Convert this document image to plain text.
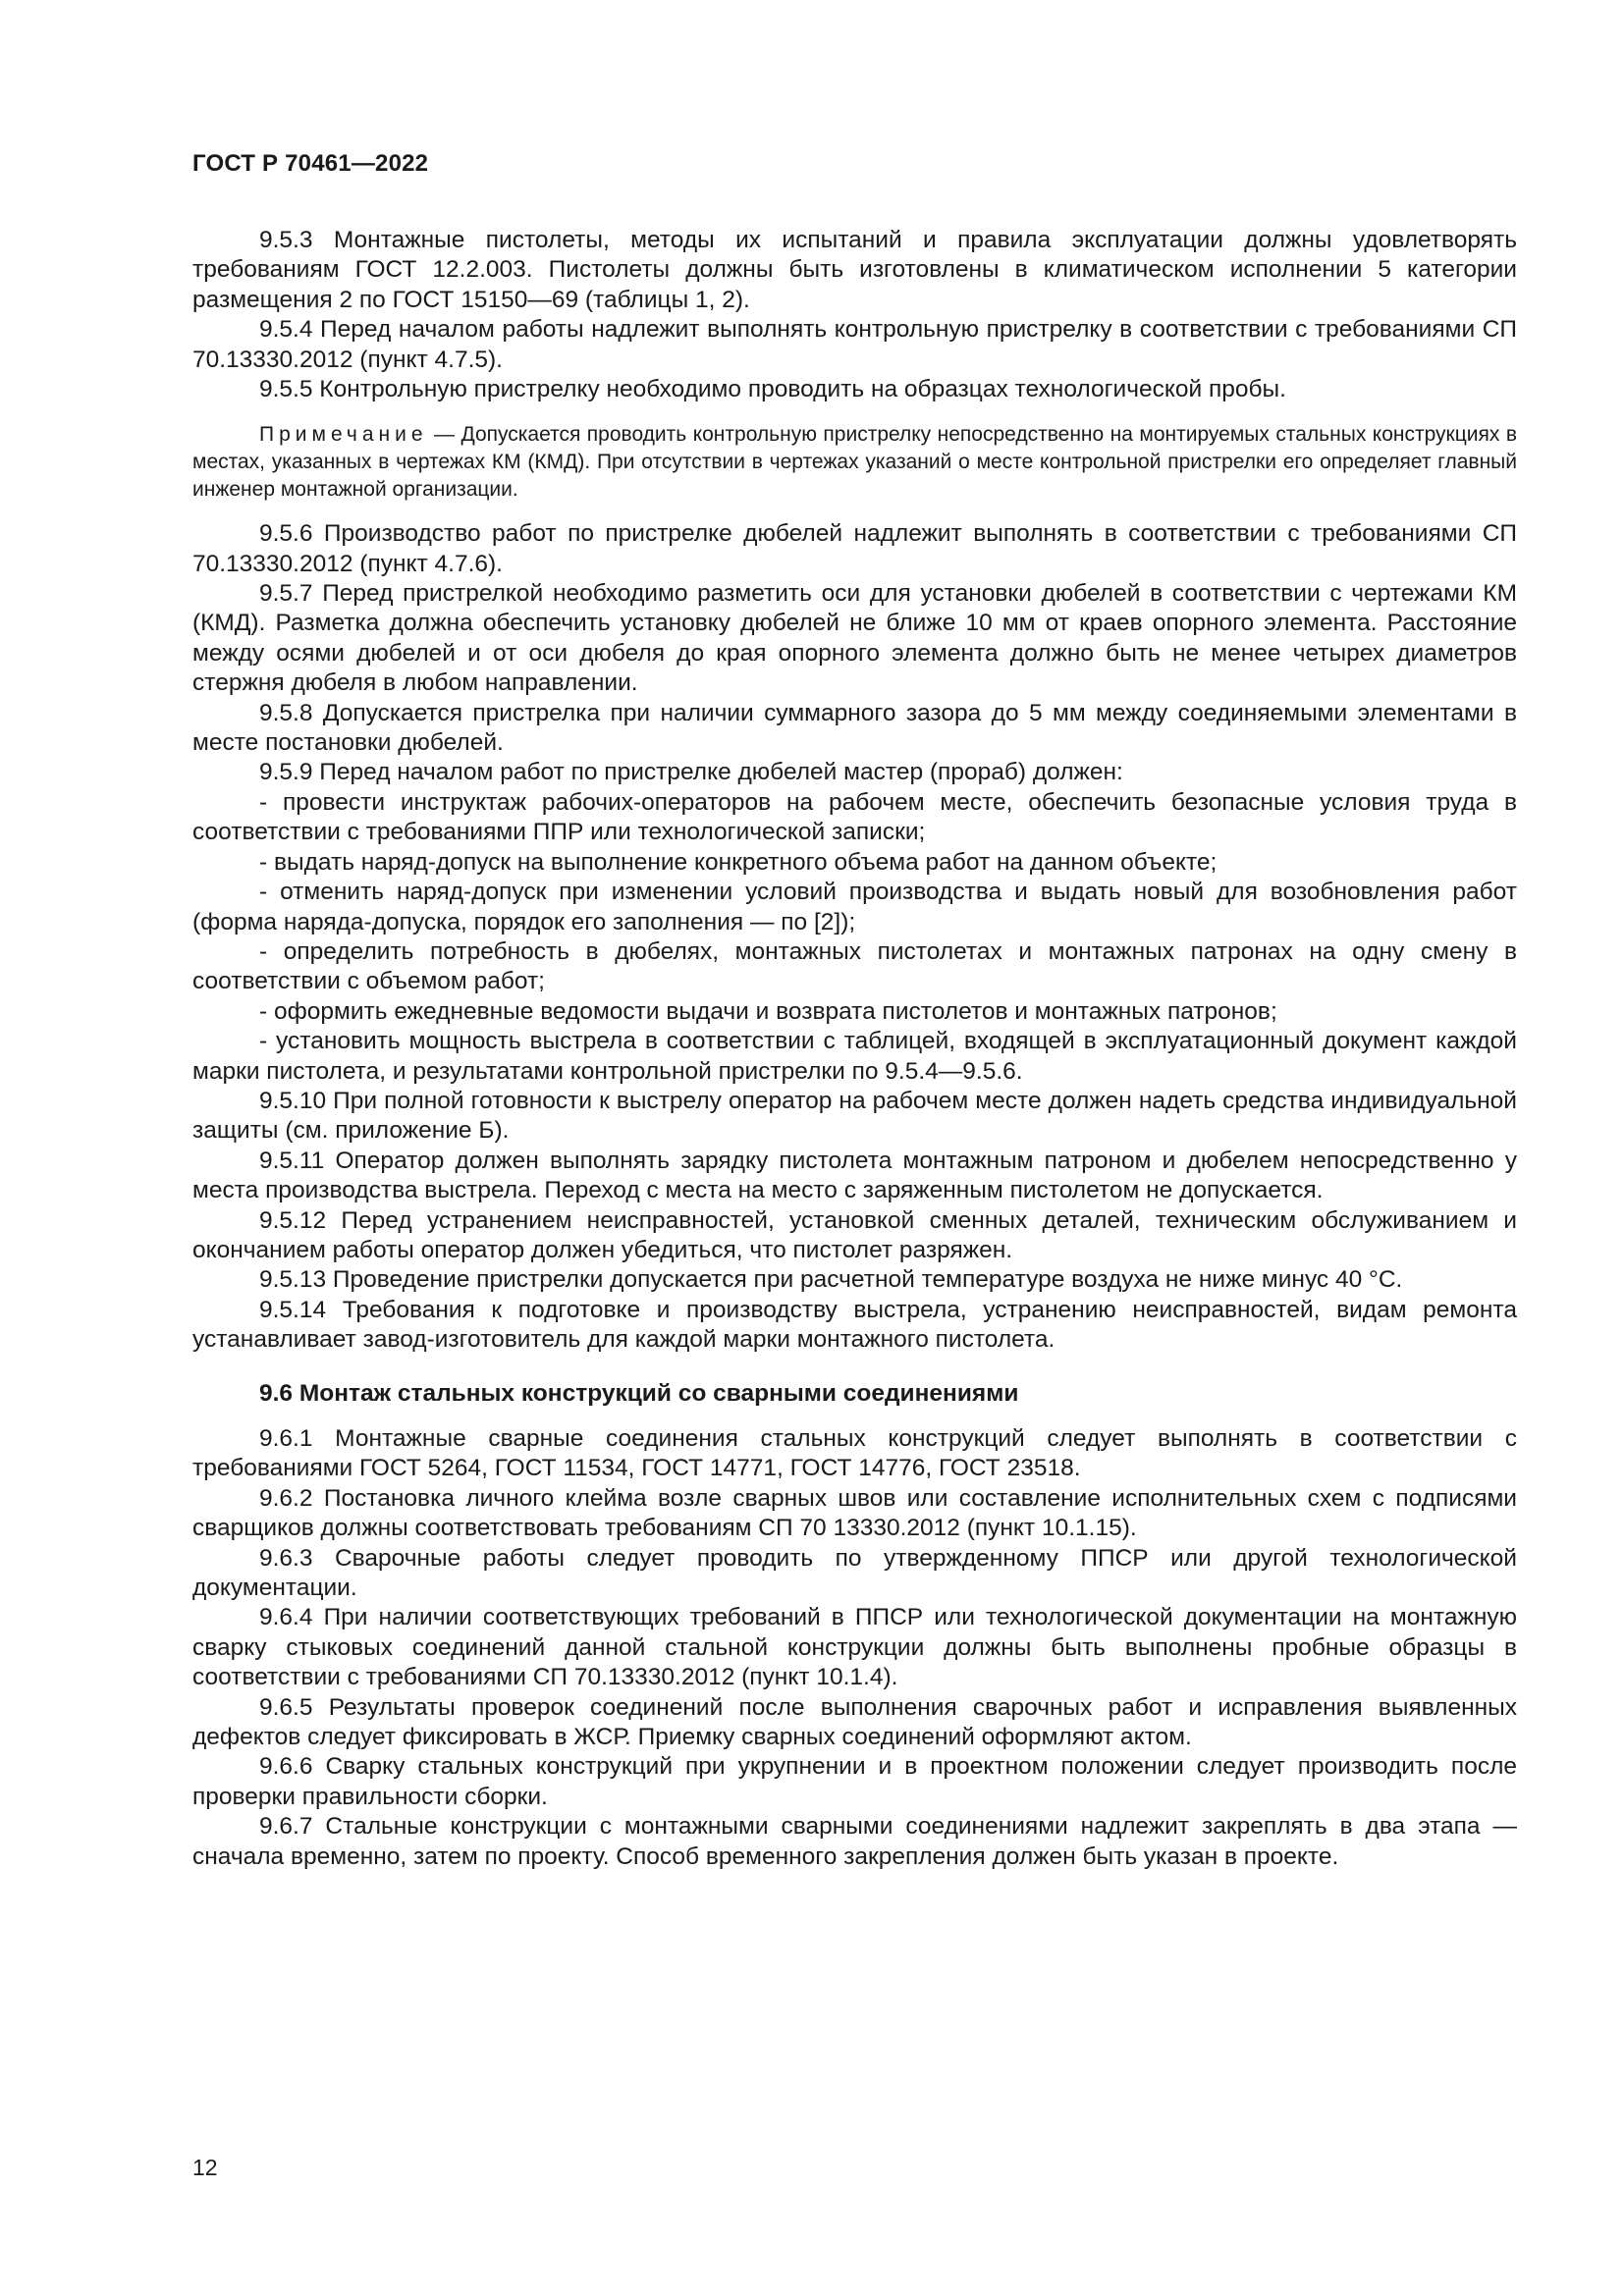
ГОСТ Р 70461—2022

9.5.3 Монтажные пистолеты, методы их испытаний и правила эксплуатации должны удовлетворять требованиям ГОСТ 12.2.003. Пистолеты должны быть изготовлены в климатическом исполнении 5 категории размещения 2 по ГОСТ 15150—69 (таблицы 1, 2).

9.5.4 Перед началом работы надлежит выполнять контрольную пристрелку в соответствии с требованиями СП 70.13330.2012 (пункт 4.7.5).

9.5.5 Контрольную пристрелку необходимо проводить на образцах технологической пробы.

Примечание — Допускается проводить контрольную пристрелку непосредственно на монтируемых стальных конструкциях в местах, указанных в чертежах КМ (КМД). При отсутствии в чертежах указаний о месте контрольной пристрелки его определяет главный инженер монтажной организации.

9.5.6 Производство работ по пристрелке дюбелей надлежит выполнять в соответствии с требованиями СП 70.13330.2012 (пункт 4.7.6).

9.5.7 Перед пристрелкой необходимо разметить оси для установки дюбелей в соответствии с чертежами КМ (КМД). Разметка должна обеспечить установку дюбелей не ближе 10 мм от краев опорного элемента. Расстояние между осями дюбелей и от оси дюбеля до края опорного элемента должно быть не менее четырех диаметров стержня дюбеля в любом направлении.

9.5.8 Допускается пристрелка при наличии суммарного зазора до 5 мм между соединяемыми элементами в месте постановки дюбелей.

9.5.9 Перед началом работ по пристрелке дюбелей мастер (прораб) должен:

- провести инструктаж рабочих-операторов на рабочем месте, обеспечить безопасные условия труда в соответствии с требованиями ППР или технологической записки;

- выдать наряд-допуск на выполнение конкретного объема работ на данном объекте;

- отменить наряд-допуск при изменении условий производства и выдать новый для возобновления работ (форма наряда-допуска, порядок его заполнения — по [2]);

- определить потребность в дюбелях, монтажных пистолетах и монтажных патронах на одну смену в соответствии с объемом работ;

- оформить ежедневные ведомости выдачи и возврата пистолетов и монтажных патронов;

- установить мощность выстрела в соответствии с таблицей, входящей в эксплуатационный документ каждой марки пистолета, и результатами контрольной пристрелки по 9.5.4—9.5.6.

9.5.10 При полной готовности к выстрелу оператор на рабочем месте должен надеть средства индивидуальной защиты (см. приложение Б).

9.5.11 Оператор должен выполнять зарядку пистолета монтажным патроном и дюбелем непосредственно у места производства выстрела. Переход с места на место с заряженным пистолетом не допускается.

9.5.12 Перед устранением неисправностей, установкой сменных деталей, техническим обслуживанием и окончанием работы оператор должен убедиться, что пистолет разряжен.

9.5.13 Проведение пристрелки допускается при расчетной температуре воздуха не ниже минус 40 °С.

9.5.14 Требования к подготовке и производству выстрела, устранению неисправностей, видам ремонта устанавливает завод-изготовитель для каждой марки монтажного пистолета.

9.6 Монтаж стальных конструкций со сварными соединениями

9.6.1 Монтажные сварные соединения стальных конструкций следует выполнять в соответствии с требованиями ГОСТ 5264, ГОСТ 11534, ГОСТ 14771, ГОСТ 14776, ГОСТ 23518.

9.6.2 Постановка личного клейма возле сварных швов или составление исполнительных схем с подписями сварщиков должны соответствовать требованиям СП 70 13330.2012 (пункт 10.1.15).

9.6.3 Сварочные работы следует проводить по утвержденному ППСР или другой технологической документации.

9.6.4 При наличии соответствующих требований в ППСР или технологической документации на монтажную сварку стыковых соединений данной стальной конструкции должны быть выполнены пробные образцы в соответствии с требованиями СП 70.13330.2012 (пункт 10.1.4).

9.6.5 Результаты проверок соединений после выполнения сварочных работ и исправления выявленных дефектов следует фиксировать в ЖСР. Приемку сварных соединений оформляют актом.

9.6.6 Сварку стальных конструкций при укрупнении и в проектном положении следует производить после проверки правильности сборки.

9.6.7 Стальные конструкции с монтажными сварными соединениями надлежит закреплять в два этапа — сначала временно, затем по проекту. Способ временного закрепления должен быть указан в проекте.

12
